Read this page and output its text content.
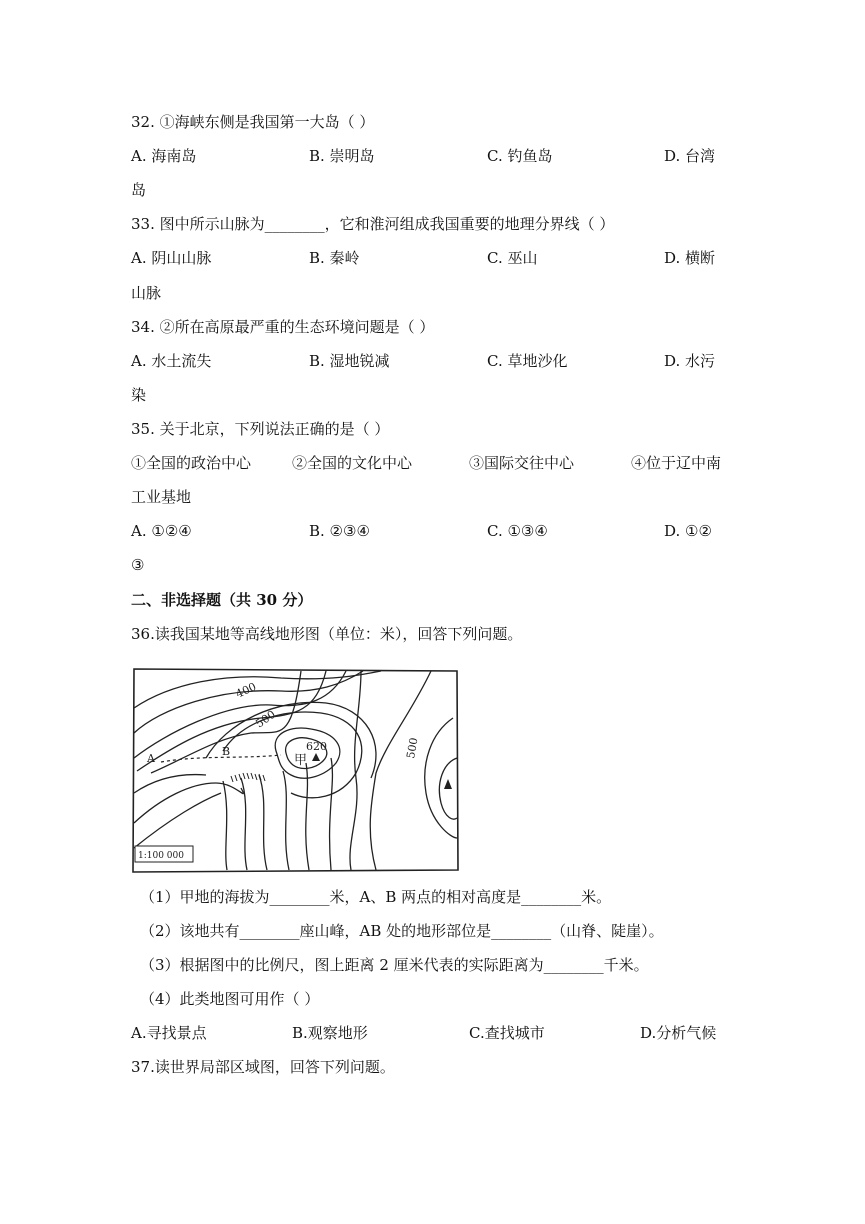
32. ①海峡东侧是我国第一大岛（ ）
A. 海南岛	B. 崇明岛	C. 钓鱼岛	D. 台湾
岛
33. 图中所示山脉为________，它和淮河组成我国重要的地理分界线（ ）
A. 阴山山脉	B. 秦岭	C. 巫山	D. 横断
山脉
34. ②所在高原最严重的生态环境问题是（ ）
A. 水土流失	B. 湿地锐减	C. 草地沙化	D. 水污
染
35. 关于北京，下列说法正确的是（ ）
①全国的政治中心	②全国的文化中心	③国际交往中心	④位于辽中南
工业基地
A. ①②④	B. ②③④	C. ①③④	D. ①②
③
二、非选择题（共 30 分）
36.读我国某地等高线地形图（单位：米），回答下列问题。
400
500
500
620
甲
A
B
1:100 000
（1）甲地的海拔为________米，A、B 两点的相对高度是________米。
（2）该地共有________座山峰，AB 处的地形部位是________（山脊、陡崖）。
（3）根据图中的比例尺，图上距离 2 厘米代表的实际距离为________千米。
（4）此类地图可用作（ ）
A.寻找景点	B.观察地形	C.查找城市	D.分析气候
37.读世界局部区域图，回答下列问题。
